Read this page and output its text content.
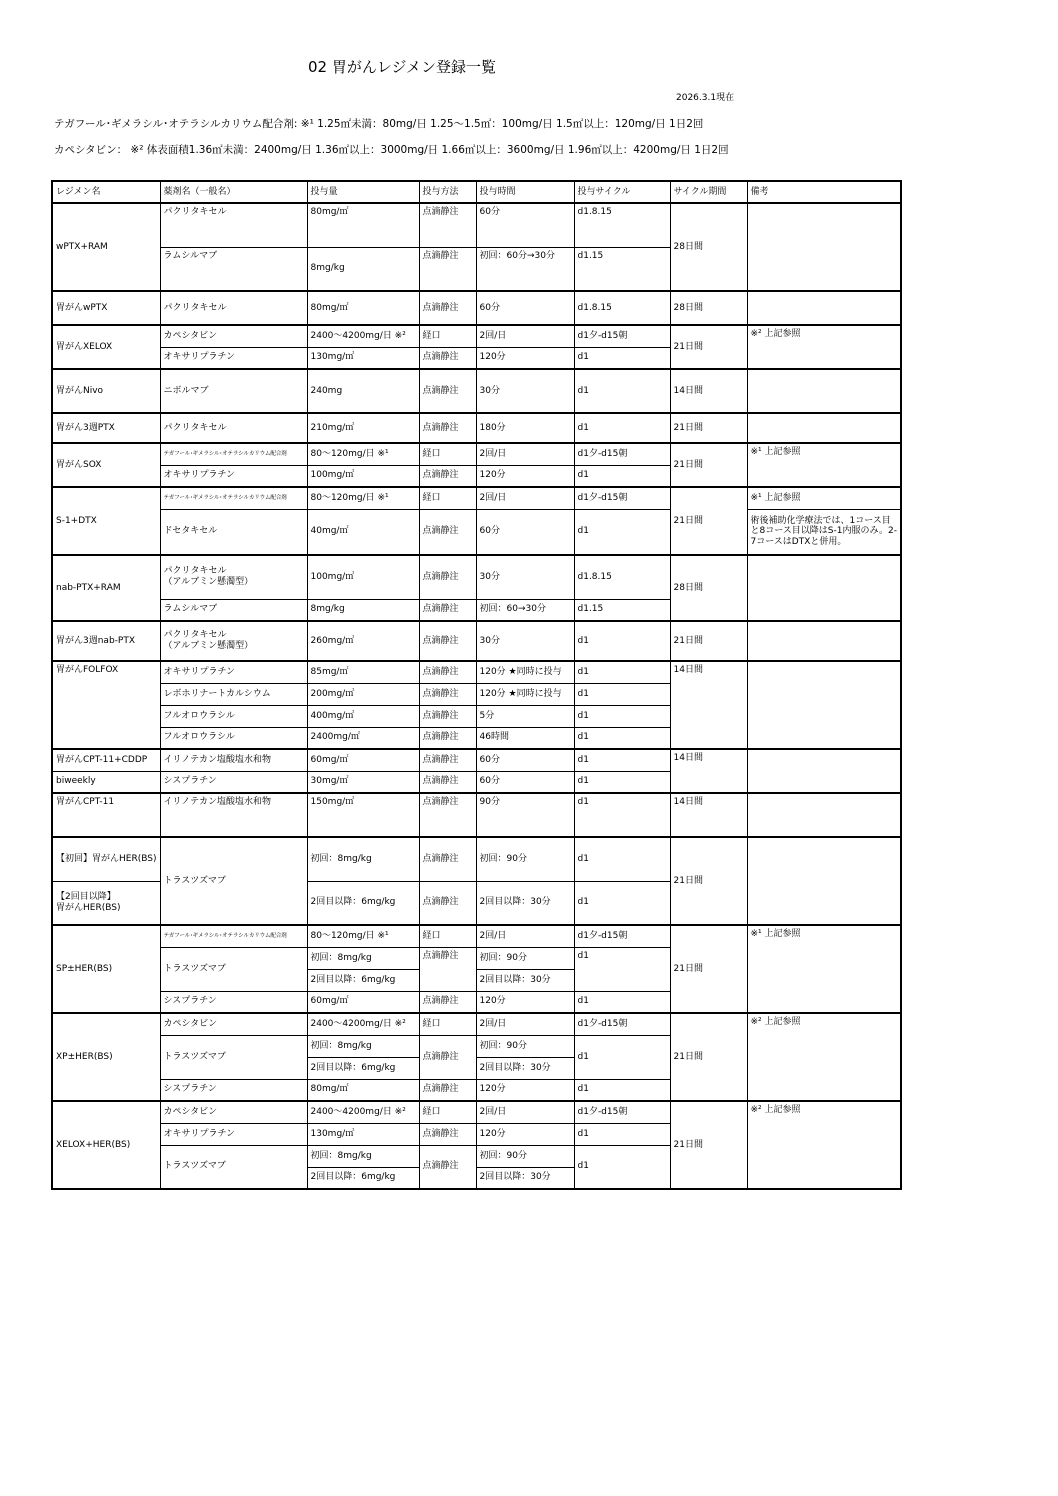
02 胃がんレジメン登録一覧
2026.3.1現在
テガフール･ギメラシル･オテラシルカリウム配合剤: ※¹ 1.25㎡未満：80mg/日 1.25～1.5㎡：100mg/日 1.5㎡以上：120mg/日 1日2回
カペシタビン： ※² 体表面積1.36㎡未満：2400mg/日 1.36㎡以上：3000mg/日 1.66㎡以上：3600mg/日 1.96㎡以上：4200mg/日 1日2回
レジメン名	薬剤名（一般名）	投与量	投与方法	投与時間	投与サイクル	サイクル期間	備考
wPTX+RAM	パクリタキセル	80mg/㎡	点滴静注	60分	d1.8.15	28日間	
	ラムシルマブ	8mg/kg	点滴静注	初回：60分→30分	d1.15		
胃がんwPTX	パクリタキセル	80mg/㎡	点滴静注	60分	d1.8.15	28日間	
胃がんXELOX	カペシタビン	2400～4200mg/日 ※²	経口	2回/日	d1夕-d15朝	21日間	※² 上記参照
	オキサリプラチン	130mg/㎡	点滴静注	120分	d1		
胃がんNivo	ニボルマブ	240mg	点滴静注	30分	d1	14日間	
胃がん3週PTX	パクリタキセル	210mg/㎡	点滴静注	180分	d1	21日間	
胃がんSOX	テガフール･ギメラシル･オテラシルカリウム配合剤	80～120mg/日 ※¹	経口	2回/日	d1夕-d15朝	21日間	※¹ 上記参照
	オキサリプラチン	100mg/㎡	点滴静注	120分	d1		
S-1+DTX	テガフール･ギメラシル･オテラシルカリウム配合剤	80～120mg/日 ※¹	経口	2回/日	d1夕-d15朝	21日間	※¹ 上記参照
	ドセタキセル	40mg/㎡	点滴静注	60分	d1		術後補助化学療法では、1コース目と8コース目以降はS-1内服のみ。2-7コースはDTXと併用。
nab-PTX+RAM	パクリタキセル
（アルブミン懸濁型）	100mg/㎡	点滴静注	30分	d1.8.15	28日間	
	ラムシルマブ	8mg/kg	点滴静注	初回：60→30分	d1.15		
胃がん3週nab-PTX	パクリタキセル
（アルブミン懸濁型）	260mg/㎡	点滴静注	30分	d1	21日間	
胃がんFOLFOX	オキサリプラチン	85mg/㎡	点滴静注	120分 ★同時に投与	d1	14日間	
	レボホリナートカルシウム	200mg/㎡	点滴静注	120分 ★同時に投与	d1		
	フルオロウラシル	400mg/㎡	点滴静注	5分	d1		
	フルオロウラシル	2400mg/㎡	点滴静注	46時間	d1		
胃がんCPT-11+CDDP	イリノテカン塩酸塩水和物	60mg/㎡	点滴静注	60分	d1	14日間	
biweekly	シスプラチン	30mg/㎡	点滴静注	60分	d1		
胃がんCPT-11	イリノテカン塩酸塩水和物	150mg/㎡	点滴静注	90分	d1	14日間	
【初回】胃がんHER(BS)	トラスツズマブ	初回：8mg/kg	点滴静注	初回：90分	d1	21日間	
【2回目以降】
胃がんHER(BS)		2回目以降：6mg/kg	点滴静注	2回目以降：30分	d1		
SP±HER(BS)	テガフール･ギメラシル･オテラシルカリウム配合剤	80～120mg/日 ※¹	経口	2回/日	d1夕-d15朝	21日間	※¹ 上記参照
	トラスツズマブ	初回：8mg/kg	点滴静注	初回：90分	d1		
		2回目以降：6mg/kg		2回目以降：30分			
	シスプラチン	60mg/㎡	点滴静注	120分	d1		
XP±HER(BS)	カペシタビン	2400～4200mg/日 ※²	経口	2回/日	d1夕-d15朝	21日間	※² 上記参照
	トラスツズマブ	初回：8mg/kg	点滴静注	初回：90分	d1		
		2回目以降：6mg/kg		2回目以降：30分			
	シスプラチン	80mg/㎡	点滴静注	120分	d1		
XELOX+HER(BS)	カペシタビン	2400～4200mg/日 ※²	経口	2回/日	d1夕-d15朝	21日間	※² 上記参照
	オキサリプラチン	130mg/㎡	点滴静注	120分	d1		
	トラスツズマブ	初回：8mg/kg	点滴静注	初回：90分	d1		
		2回目以降：6mg/kg		2回目以降：30分			
